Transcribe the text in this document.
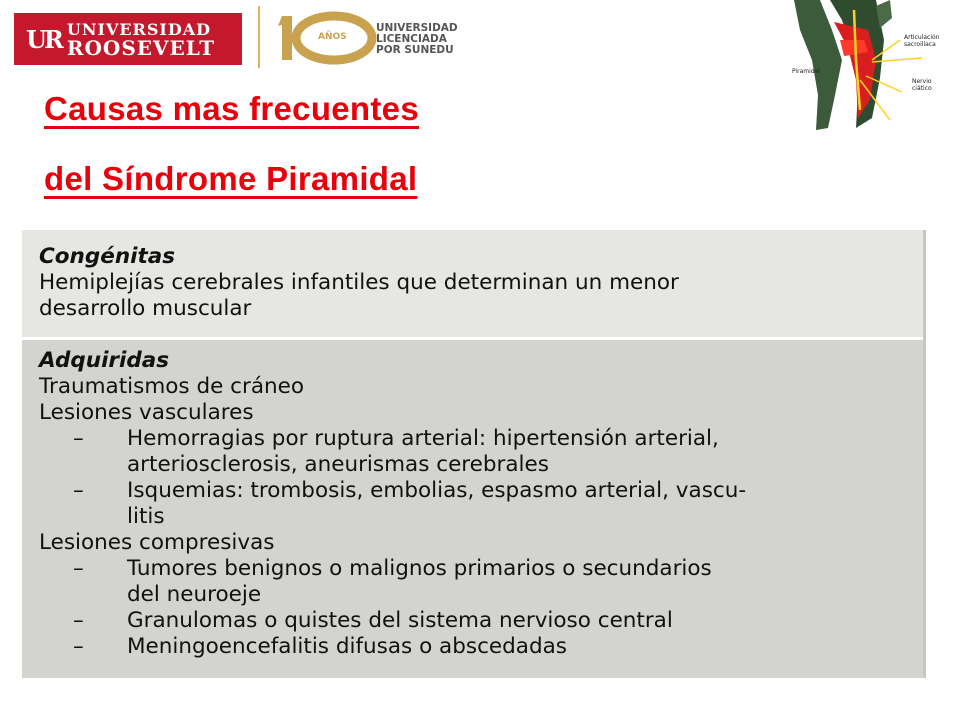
UR UNIVERSIDAD
ROOSEVELT	AÑOS
UNIVERSIDAD
LICENCIADA
POR SUNEDU
Articulación sacroilíaca
Piramidal
Nervio ciático
Causas mas frecuentes
del Síndrome Piramidal
Congénitas
Hemiplejías cerebrales infantiles que determinan un menor
desarrollo muscular
Adquiridas
Traumatismos de cráneo
Lesiones vasculares
– Hemorragias por ruptura arterial: hipertensión arterial,
arteriosclerosis, aneurismas cerebrales
– Isquemias: trombosis, embolias, espasmo arterial, vascu-
litis
Lesiones compresivas
– Tumores benignos o malignos primarios o secundarios
del neuroeje
– Granulomas o quistes del sistema nervioso central
– Meningoencefalitis difusas o abscedadas
